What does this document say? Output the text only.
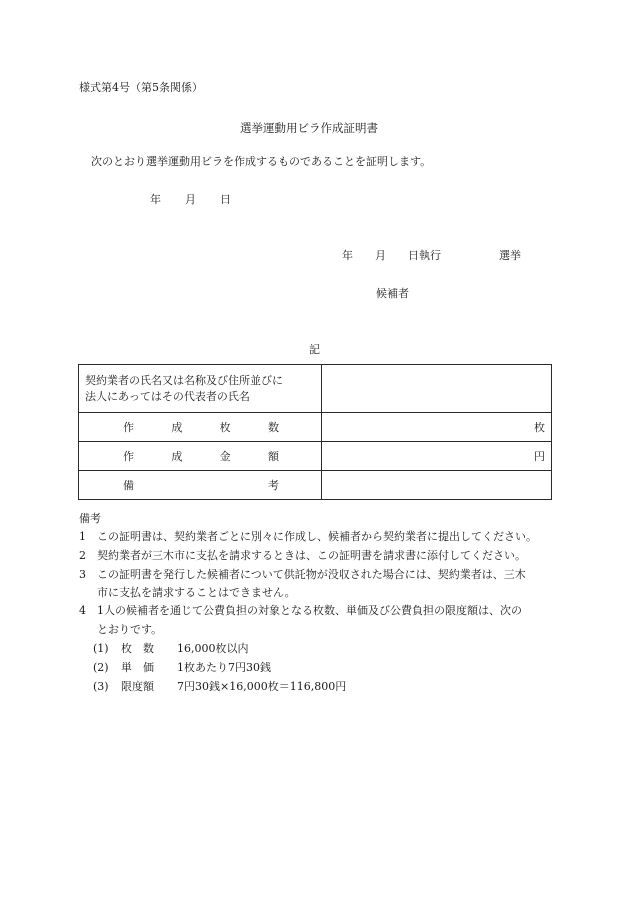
様式第4号（第5条関係）
選挙運動用ビラ作成証明書
次のとおり選挙運動用ビラを作成するものであることを証明します。
年 月 日
年 月 日執行	選挙
候補者
記
契約業者の氏名又は名称及び住所並びに
法人にあってはその代表者の氏名	

作 成 枚 数	枚

作 成 金 額	円

備 考	

備考
1 この証明書は、契約業者ごとに別々に作成し、候補者から契約業者に提出してください。
2 契約業者が三木市に支払を請求するときは、この証明書を請求書に添付してください。
3 この証明書を発行した候補者について供託物が没収された場合には、契約業者は、三木
市に支払を請求することはできません。
4 1人の候補者を通じて公費負担の対象となる枚数、単価及び公費負担の限度額は、次の
とおりです。
(1) 枚　数 16,000枚以内
(2) 単　価 1枚あたり7円30銭
(3) 限度額 7円30銭×16,000枚＝116,800円
